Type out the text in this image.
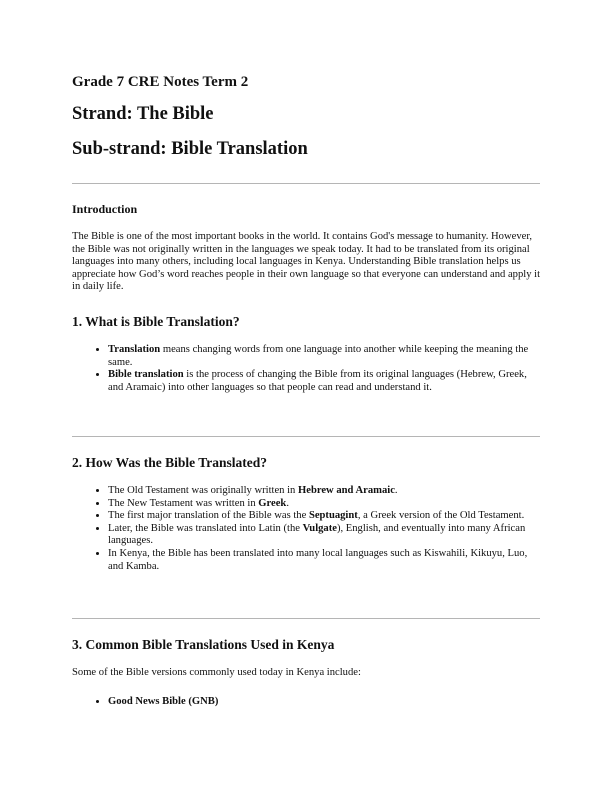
Grade 7 CRE Notes Term 2
Strand: The Bible
Sub-strand: Bible Translation
Introduction
The Bible is one of the most important books in the world. It contains God's message to humanity. However, the Bible was not originally written in the languages we speak today. It had to be translated from its original languages into many others, including local languages in Kenya. Understanding Bible translation helps us appreciate how God’s word reaches people in their own language so that everyone can understand and apply it in daily life.
1. What is Bible Translation?
• Translation means changing words from one language into another while keeping the meaning the same.
• Bible translation is the process of changing the Bible from its original languages (Hebrew, Greek, and Aramaic) into other languages so that people can read and understand it.
2. How Was the Bible Translated?
• The Old Testament was originally written in Hebrew and Aramaic.
• The New Testament was written in Greek.
• The first major translation of the Bible was the Septuagint, a Greek version of the Old Testament.
• Later, the Bible was translated into Latin (the Vulgate), English, and eventually into many African languages.
• In Kenya, the Bible has been translated into many local languages such as Kiswahili, Kikuyu, Luo, and Kamba.
3. Common Bible Translations Used in Kenya
Some of the Bible versions commonly used today in Kenya include:
• Good News Bible (GNB)
